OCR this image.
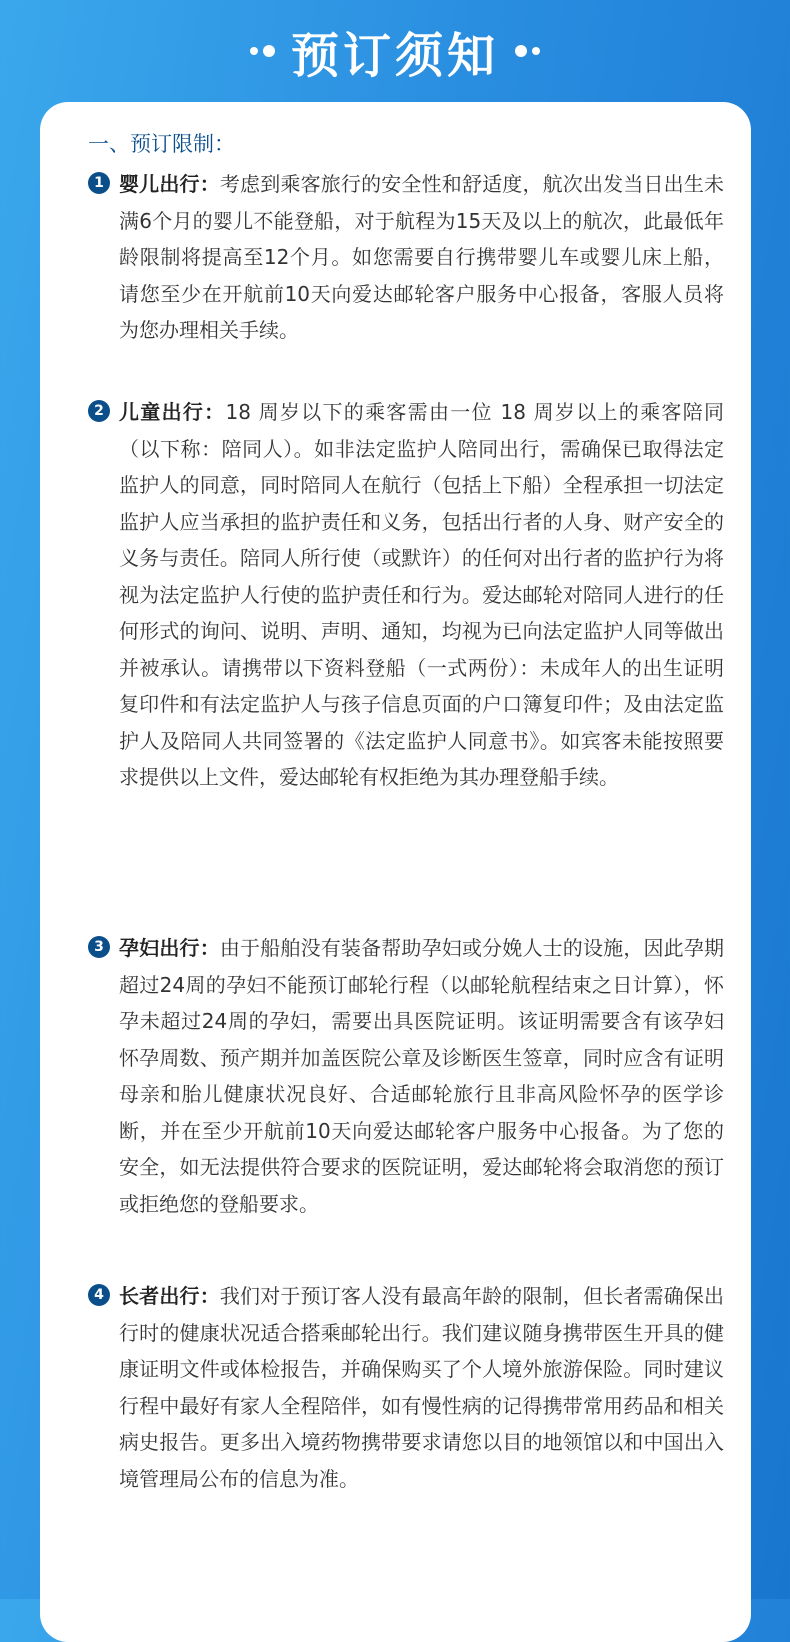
预订须知
一、预订限制：
1 婴儿出行：考虑到乘客旅行的安全性和舒适度，航次出发当日出生未满6个月的婴儿不能登船，对于航程为15天及以上的航次，此最低年龄限制将提高至12个月。如您需要自行携带婴儿车或婴儿床上船，请您至少在开航前10天向爱达邮轮客户服务中心报备，客服人员将为您办理相关手续。

2 儿童出行：18 周岁以下的乘客需由一位 18 周岁以上的乘客陪同（以下称：陪同人）。如非法定监护人陪同出行，需确保已取得法定监护人的同意，同时陪同人在航行（包括上下船）全程承担一切法定监护人应当承担的监护责任和义务，包括出行者的人身、财产安全的义务与责任。陪同人所行使（或默许）的任何对出行者的监护行为将视为法定监护人行使的监护责任和行为。爱达邮轮对陪同人进行的任何形式的询问、说明、声明、通知，均视为已向法定监护人同等做出并被承认。请携带以下资料登船（一式两份）：未成年人的出生证明复印件和有法定监护人与孩子信息页面的户口簿复印件；及由法定监护人及陪同人共同签署的《法定监护人同意书》。如宾客未能按照要求提供以上文件，爱达邮轮有权拒绝为其办理登船手续。

3 孕妇出行：由于船舶没有装备帮助孕妇或分娩人士的设施，因此孕期超过24周的孕妇不能预订邮轮行程（以邮轮航程结束之日计算），怀孕未超过24周的孕妇，需要出具医院证明。该证明需要含有该孕妇怀孕周数、预产期并加盖医院公章及诊断医生签章，同时应含有证明母亲和胎儿健康状况良好、合适邮轮旅行且非高风险怀孕的医学诊断，并在至少开航前10天向爱达邮轮客户服务中心报备。为了您的安全，如无法提供符合要求的医院证明，爱达邮轮将会取消您的预订或拒绝您的登船要求。

4 长者出行：我们对于预订客人没有最高年龄的限制，但长者需确保出行时的健康状况适合搭乘邮轮出行。我们建议随身携带医生开具的健康证明文件或体检报告，并确保购买了个人境外旅游保险。同时建议行程中最好有家人全程陪伴，如有慢性病的记得携带常用药品和相关病史报告。更多出入境药物携带要求请您以目的地领馆以和中国出入境管理局公布的信息为准。
